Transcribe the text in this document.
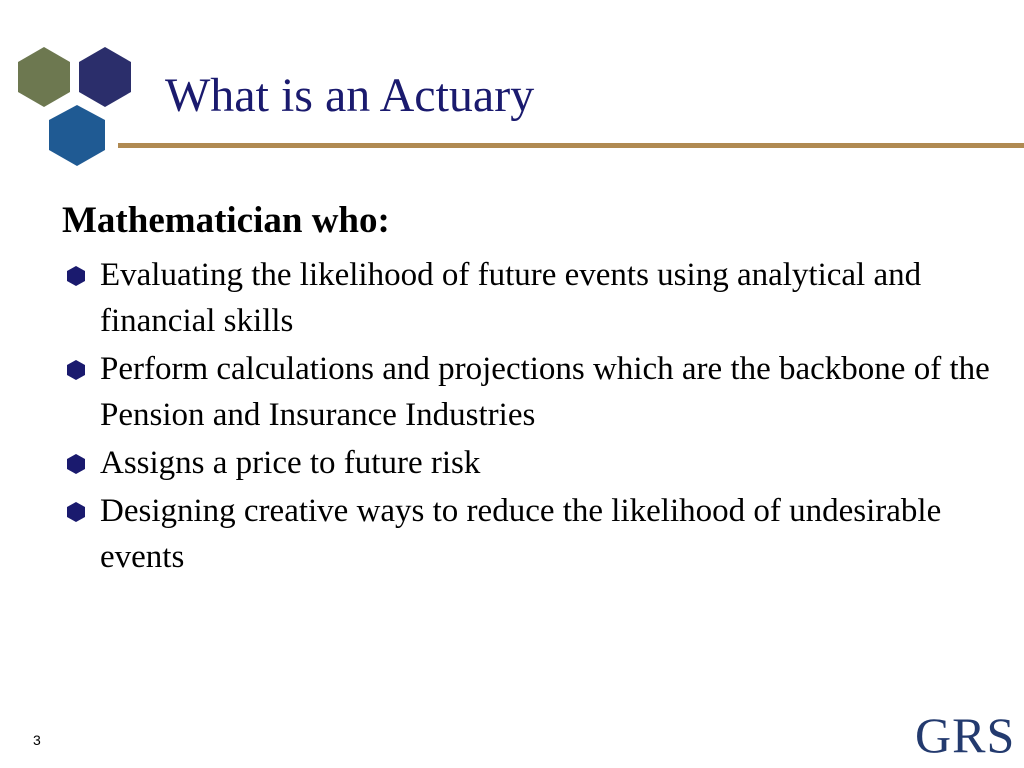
What is an Actuary
Mathematician who:
Evaluating the likelihood of future events using analytical and financial skills
Perform calculations and projections which are the backbone of the Pension and Insurance Industries
Assigns a price to future risk
Designing creative ways to reduce the likelihood of undesirable events
3	GRS
